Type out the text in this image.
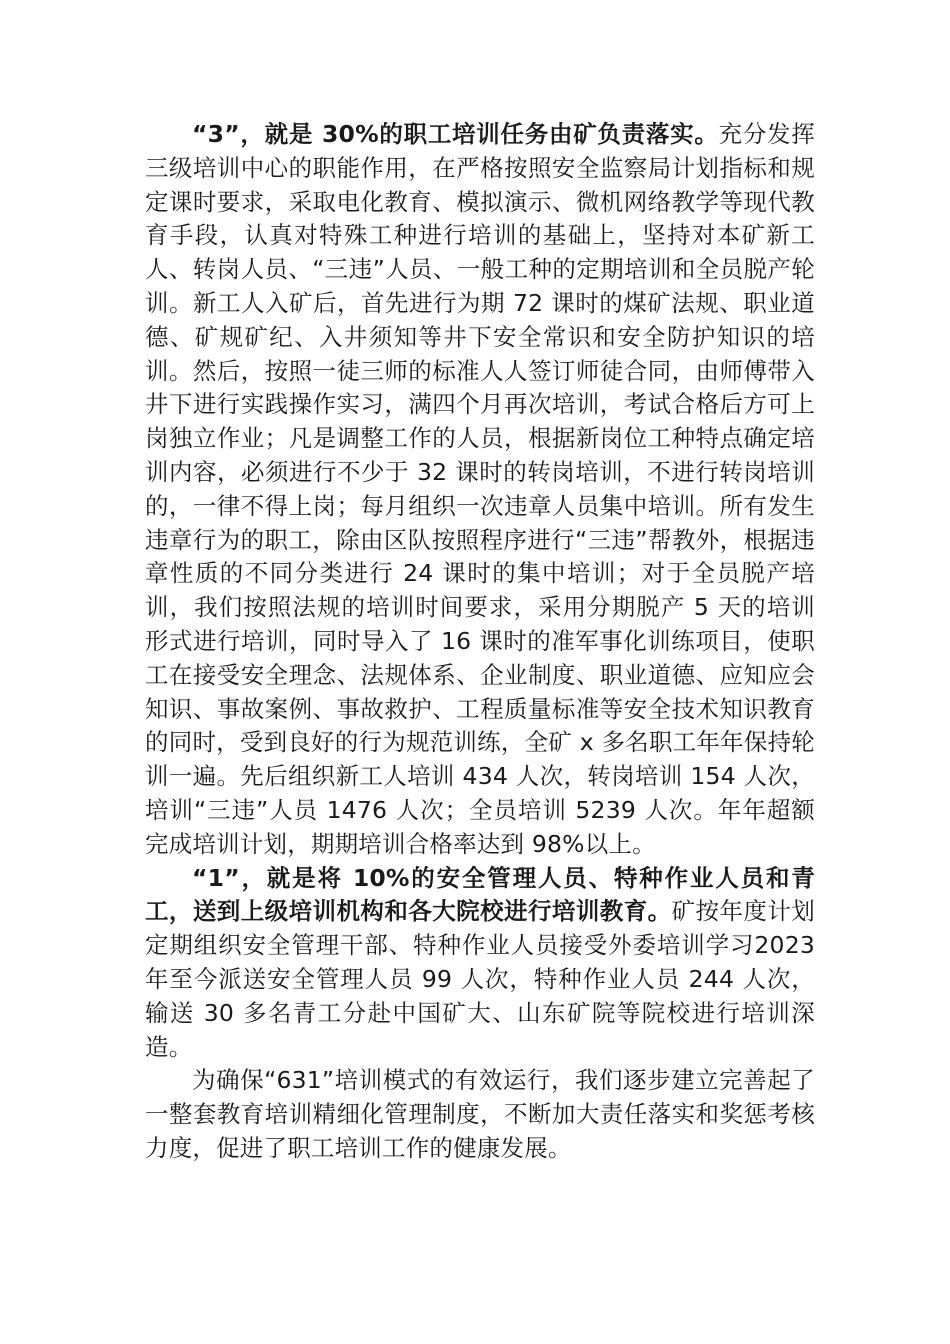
“3”，就是 30%的职工培训任务由矿负责落实。充分发挥三级培训中心的职能作用，在严格按照安全监察局计划指标和规定课时要求，采取电化教育、模拟演示、微机网络教学等现代教育手段，认真对特殊工种进行培训的基础上，坚持对本矿新工人、转岗人员、“三违”人员、一般工种的定期培训和全员脱产轮训。新工人入矿后，首先进行为期 72 课时的煤矿法规、职业道德、矿规矿纪、入井须知等井下安全常识和安全防护知识的培训。然后，按照一徒三师的标准人人签订师徒合同，由师傅带入井下进行实践操作实习，满四个月再次培训，考试合格后方可上岗独立作业；凡是调整工作的人员，根据新岗位工种特点确定培训内容，必须进行不少于 32 课时的转岗培训，不进行转岗培训的，一律不得上岗；每月组织一次违章人员集中培训。所有发生违章行为的职工，除由区队按照程序进行“三违”帮教外，根据违章性质的不同分类进行 24 课时的集中培训；对于全员脱产培训，我们按照法规的培训时间要求，采用分期脱产 5 天的培训形式进行培训，同时导入了 16 课时的准军事化训练项目，使职工在接受安全理念、法规体系、企业制度、职业道德、应知应会知识、事故案例、事故救护、工程质量标准等安全技术知识教育的同时，受到良好的行为规范训练，全矿 x 多名职工年年保持轮训一遍。先后组织新工人培训 434 人次，转岗培训 154 人次，培训“三违”人员 1476 人次；全员培训 5239 人次。年年超额完成培训计划，期期培训合格率达到 98%以上。

“1”，就是将 10%的安全管理人员、特种作业人员和青工，送到上级培训机构和各大院校进行培训教育。矿按年度计划定期组织安全管理干部、特种作业人员接受外委培训学习2023 年至今派送安全管理人员 99 人次，特种作业人员 244 人次，输送 30 多名青工分赴中国矿大、山东矿院等院校进行培训深造。

为确保“631”培训模式的有效运行，我们逐步建立完善起了一整套教育培训精细化管理制度，不断加大责任落实和奖惩考核力度，促进了职工培训工作的健康发展。
